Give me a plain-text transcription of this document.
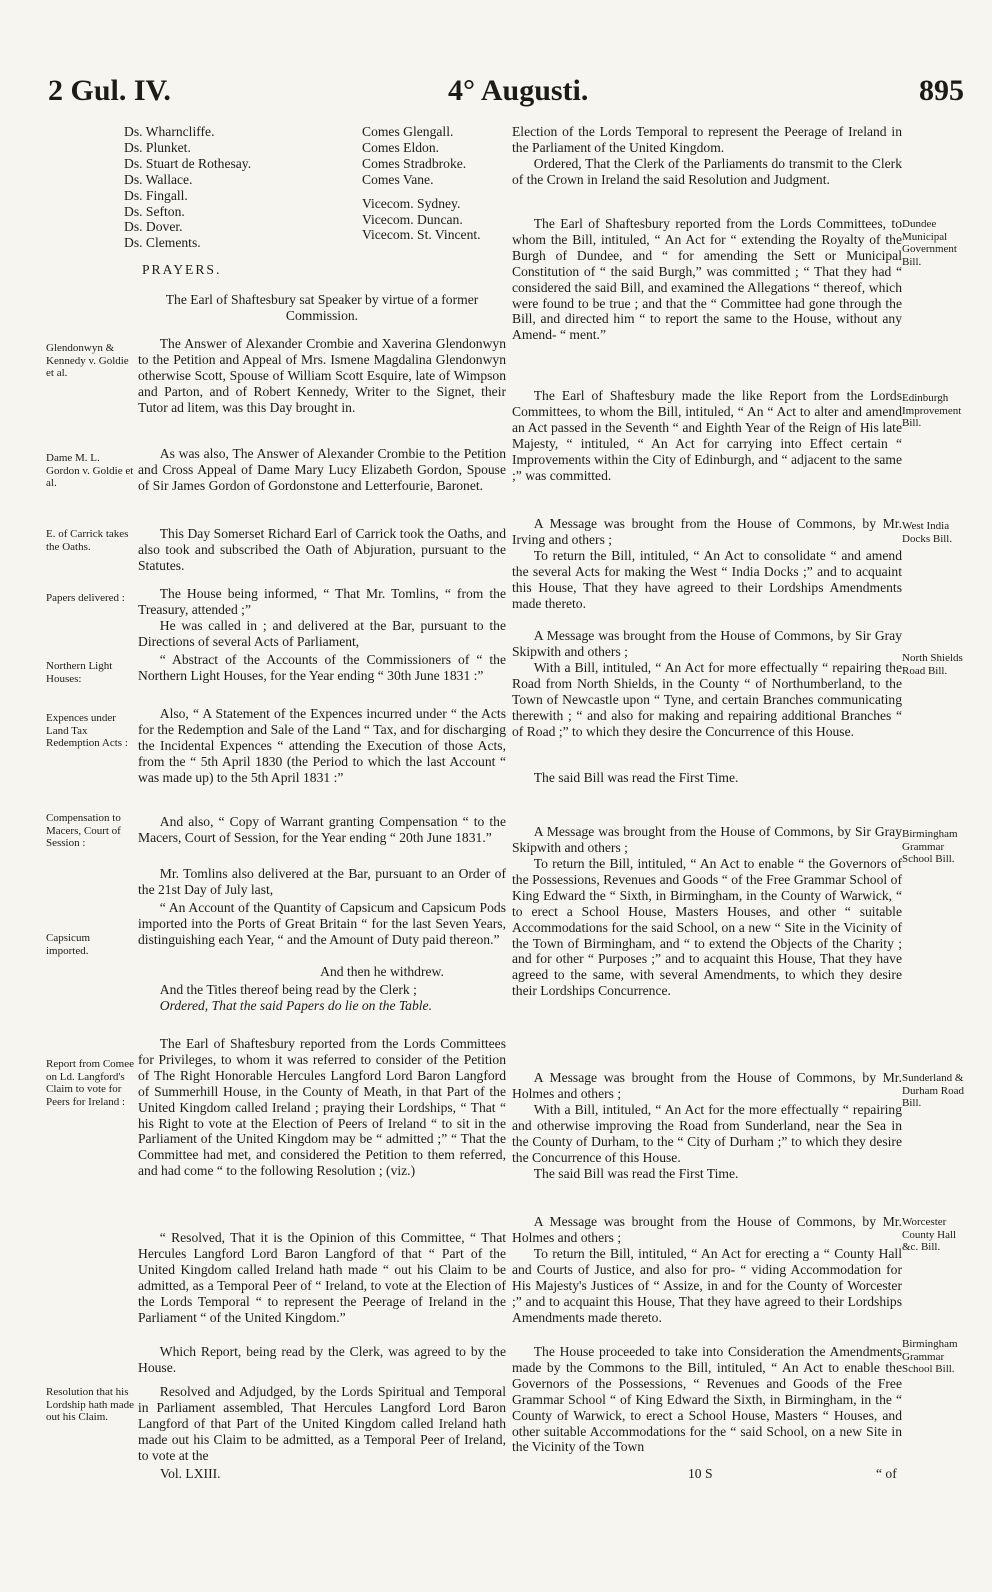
2 Gul. IV.	4° Augusti.	895
Glendonwyn & Kennedy v. Goldie et al.
Dame M. L. Gordon v. Goldie et al.
E. of Carrick takes the Oaths.
Papers delivered :
Northern Light Houses:
Expences under Land Tax Redemption Acts :
Compensation to Macers, Court of Session :
Capsicum imported.
Report from Comee on Ld. Langford's Claim to vote for Peers for Ireland :
Resolution that his Lordship hath made out his Claim.
Ds. Wharncliffe.
Ds. Plunket.
Ds. Stuart de Rothesay.
Ds. Wallace.
Ds. Fingall.
Ds. Sefton.
Ds. Dover.
Ds. Clements.
Comes Glengall.
Comes Eldon.
Comes Stradbroke.
Comes Vane.
Vicecom. Sydney.
Vicecom. Duncan.
Vicecom. St. Vincent.

PRAYERS.

The Earl of Shaftesbury sat Speaker by virtue of a former Commission.

The Answer of Alexander Crombie and Xaverina Glendonwyn to the Petition and Appeal of Mrs. Ismene Magdalina Glendonwyn otherwise Scott, Spouse of William Scott Esquire, late of Wimpson and Parton, and of Robert Kennedy, Writer to the Signet, their Tutor ad litem, was this Day brought in.

As was also, The Answer of Alexander Crombie to the Petition and Cross Appeal of Dame Mary Lucy Elizabeth Gordon, Spouse of Sir James Gordon of Gordonstone and Letterfourie, Baronet.

This Day Somerset Richard Earl of Carrick took the Oaths, and also took and subscribed the Oath of Abjuration, pursuant to the Statutes.

The House being informed, “ That Mr. Tomlins, “ from the Treasury, attended ;”

He was called in ; and delivered at the Bar, pursuant to the Directions of several Acts of Parliament,

“ Abstract of the Accounts of the Commissioners of “ the Northern Light Houses, for the Year ending “ 30th June 1831 :”

Also, “ A Statement of the Expences incurred under “ the Acts for the Redemption and Sale of the Land “ Tax, and for discharging the Incidental Expences “ attending the Execution of those Acts, from the “ 5th April 1830 (the Period to which the last Account “ was made up) to the 5th April 1831 :”

And also, “ Copy of Warrant granting Compensation “ to the Macers, Court of Session, for the Year ending “ 20th June 1831.”

Mr. Tomlins also delivered at the Bar, pursuant to an Order of the 21st Day of July last,

“ An Account of the Quantity of Capsicum and Capsicum Pods imported into the Ports of Great Britain “ for the last Seven Years, distinguishing each Year, “ and the Amount of Duty paid thereon.”

And then he withdrew.

And the Titles thereof being read by the Clerk ;

Ordered, That the said Papers do lie on the Table.

The Earl of Shaftesbury reported from the Lords Committees for Privileges, to whom it was referred to consider of the Petition of The Right Honorable Hercules Langford Lord Baron Langford of Summerhill House, in the County of Meath, in that Part of the United Kingdom called Ireland ; praying their Lordships, “ That “ his Right to vote at the Election of Peers of Ireland “ to sit in the Parliament of the United Kingdom may be “ admitted ;” “ That the Committee had met, and considered the Petition to them referred, and had come “ to the following Resolution ; (viz.)

“ Resolved, That it is the Opinion of this Committee, “ That Hercules Langford Lord Baron Langford of that “ Part of the United Kingdom called Ireland hath made “ out his Claim to be admitted, as a Temporal Peer of “ Ireland, to vote at the Election of the Lords Temporal “ to represent the Peerage of Ireland in the Parliament “ of the United Kingdom.”

Which Report, being read by the Clerk, was agreed to by the House.

Resolved and Adjudged, by the Lords Spiritual and Temporal in Parliament assembled, That Hercules Langford Lord Baron Langford of that Part of the United Kingdom called Ireland hath made out his Claim to be admitted, as a Temporal Peer of Ireland, to vote at the

Election of the Lords Temporal to represent the Peerage of Ireland in the Parliament of the United Kingdom.

Ordered, That the Clerk of the Parliaments do transmit to the Clerk of the Crown in Ireland the said Resolution and Judgment.

The Earl of Shaftesbury reported from the Lords Committees, to whom the Bill, intituled, “ An Act for “ extending the Royalty of the Burgh of Dundee, and “ for amending the Sett or Municipal Constitution of “ the said Burgh,” was committed ; “ That they had “ considered the said Bill, and examined the Allegations “ thereof, which were found to be true ; and that the “ Committee had gone through the Bill, and directed him “ to report the same to the House, without any Amend- “ ment.”

The Earl of Shaftesbury made the like Report from the Lords Committees, to whom the Bill, intituled, “ An “ Act to alter and amend an Act passed in the Seventh “ and Eighth Year of the Reign of His late Majesty, “ intituled, “ An Act for carrying into Effect certain “ Improvements within the City of Edinburgh, and “ adjacent to the same ;” was committed.

A Message was brought from the House of Commons, by Mr. Irving and others ;

To return the Bill, intituled, “ An Act to consolidate “ and amend the several Acts for making the West “ India Docks ;” and to acquaint this House, That they have agreed to their Lordships Amendments made thereto.

A Message was brought from the House of Commons, by Sir Gray Skipwith and others ;

With a Bill, intituled, “ An Act for more effectually “ repairing the Road from North Shields, in the County “ of Northumberland, to the Town of Newcastle upon “ Tyne, and certain Branches communicating therewith ; “ and also for making and repairing additional Branches “ of Road ;” to which they desire the Concurrence of this House.

The said Bill was read the First Time.

A Message was brought from the House of Commons, by Sir Gray Skipwith and others ;

To return the Bill, intituled, “ An Act to enable “ the Governors of the Possessions, Revenues and Goods “ of the Free Grammar School of King Edward the “ Sixth, in Birmingham, in the County of Warwick, “ to erect a School House, Masters Houses, and other “ suitable Accommodations for the said School, on a new “ Site in the Vicinity of the Town of Birmingham, and “ to extend the Objects of the Charity ; and for other “ Purposes ;” and to acquaint this House, That they have agreed to the same, with several Amendments, to which they desire their Lordships Concurrence.

A Message was brought from the House of Commons, by Mr. Holmes and others ;

With a Bill, intituled, “ An Act for the more effectually “ repairing and otherwise improving the Road from Sunderland, near the Sea in the County of Durham, to the “ City of Durham ;” to which they desire the Concurrence of this House.

The said Bill was read the First Time.

A Message was brought from the House of Commons, by Mr. Holmes and others ;

To return the Bill, intituled, “ An Act for erecting a “ County Hall and Courts of Justice, and also for pro- “ viding Accommodation for His Majesty's Justices of “ Assize, in and for the County of Worcester ;” and to acquaint this House, That they have agreed to their Lordships Amendments made thereto.

The House proceeded to take into Consideration the Amendments made by the Commons to the Bill, intituled, “ An Act to enable the Governors of the Possessions, “ Revenues and Goods of the Free Grammar School “ of King Edward the Sixth, in Birmingham, in the “ County of Warwick, to erect a School House, Masters “ Houses, and other suitable Accommodations for the “ said School, on a new Site in the Vicinity of the Town

Dundee Municipal Government Bill.
Edinburgh Improvement Bill.
West India Docks Bill.
North Shields Road Bill.
Birmingham Grammar School Bill.
Sunderland & Durham Road Bill.
Worcester County Hall &c. Bill.
Birmingham Grammar School Bill.
Vol. LXIII.	10 S	“ of
